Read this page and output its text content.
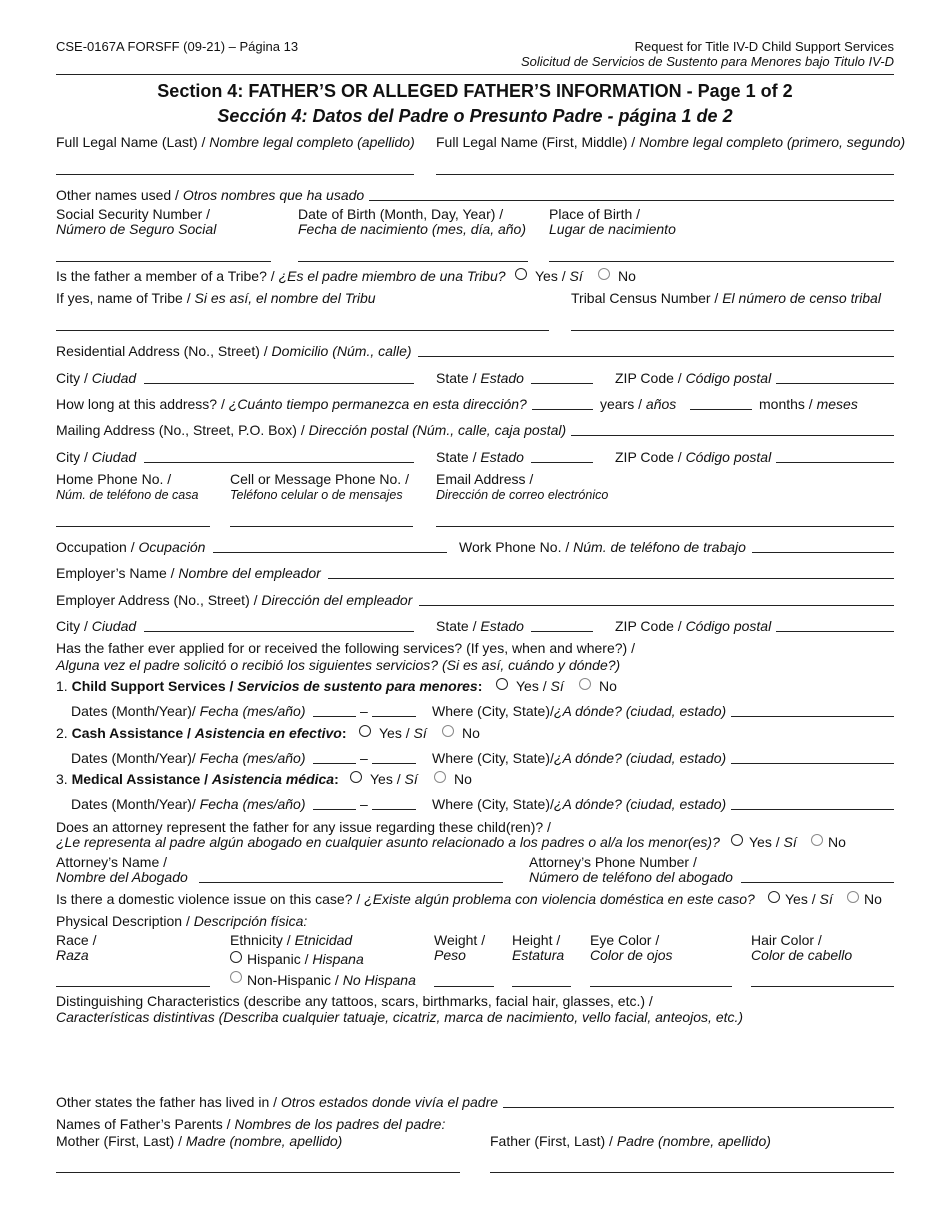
CSE-0167A FORSFF (09-21) – Página 13	Request for Title IV-D Child Support Services
Solicitud de Servicios de Sustento para Menores bajo Titulo IV-D
Section 4: FATHER’S OR ALLEGED FATHER’S INFORMATION - Page 1 of 2
Sección 4: Datos del Padre o Presunto Padre - página 1 de 2
Full Legal Name (Last) / Nombre legal completo (apellido) Full Legal Name (First, Middle) / Nombre legal completo (primero, segundo)
Other names used / Otros nombres que ha usado
Social Security Number /
Número de Seguro Social
Date of Birth (Month, Day, Year) /
Fecha de nacimiento (mes, día, año)
Place of Birth /
Lugar de nacimiento
Is the father a member of a Tribe? / ¿Es el padre miembro de una Tribu? Yes / Sí	No
If yes, name of Tribe / Si es así, el nombre del Tribu	Tribal Census Number / El número de censo tribal
Residential Address (No., Street) / Domicilio (Núm., calle)
City / Ciudad	State / Estado	ZIP Code / Código postal
How long at this address? / ¿Cuánto tiempo permanezca en esta dirección?	years / años	months / meses
Mailing Address (No., Street, P.O. Box) / Dirección postal (Núm., calle, caja postal)
City / Ciudad	State / Estado	ZIP Code / Código postal
Home Phone No. /
Núm. de teléfono de casa
Cell or Message Phone No. /
Teléfono celular o de mensajes
Email Address /
Dirección de correo electrónico
Occupation / Ocupación	Work Phone No. / Núm. de teléfono de trabajo
Employer’s Name / Nombre del empleador
Employer Address (No., Street) / Dirección del empleador
City / Ciudad	State / Estado	ZIP Code / Código postal
Has the father ever applied for or received the following services? (If yes, when and where?) /
Alguna vez el padre solicitó o recibió los siguientes servicios? (Si es así, cuándo y dónde?)
1. Child Support Services / Servicios de sustento para menores: Yes / Sí	No
Dates (Month/Year)/ Fecha (mes/año)	–	Where (City, State)/¿A dónde? (ciudad, estado)
2. Cash Assistance / Asistencia en efectivo: Yes / Sí	No
Dates (Month/Year)/ Fecha (mes/año)	–	Where (City, State)/¿A dónde? (ciudad, estado)
3. Medical Assistance / Asistencia médica: Yes / Sí	No
Dates (Month/Year)/ Fecha (mes/año)	–	Where (City, State)/¿A dónde? (ciudad, estado)
Does an attorney represent the father for any issue regarding these child(ren)? /
¿Le representa al padre algún abogado en cualquier asunto relacionado a los padres o al/a los menor(es)? Yes / Sí No
Attorney’s Name /
Nombre del Abogado
Attorney’s Phone Number /
Número de teléfono del abogado
Is there a domestic violence issue on this case? / ¿Existe algún problema con violencia doméstica en este caso? Yes / Sí No
Physical Description / Descripción física:
Race /
Raza
Ethnicity / Etnicidad
Hispanic / Hispana
Non-Hispanic / No Hispana
Weight /
Peso
Height /
Estatura
Eye Color /
Color de ojos
Hair Color /
Color de cabello
Distinguishing Characteristics (describe any tattoos, scars, birthmarks, facial hair, glasses, etc.) /
Características distintivas (Describa cualquier tatuaje, cicatriz, marca de nacimiento, vello facial, anteojos, etc.)
Other states the father has lived in / Otros estados donde vivía el padre
Names of Father’s Parents / Nombres de los padres del padre:
Mother (First, Last) / Madre (nombre, apellido)	Father (First, Last) / Padre (nombre, apellido)
